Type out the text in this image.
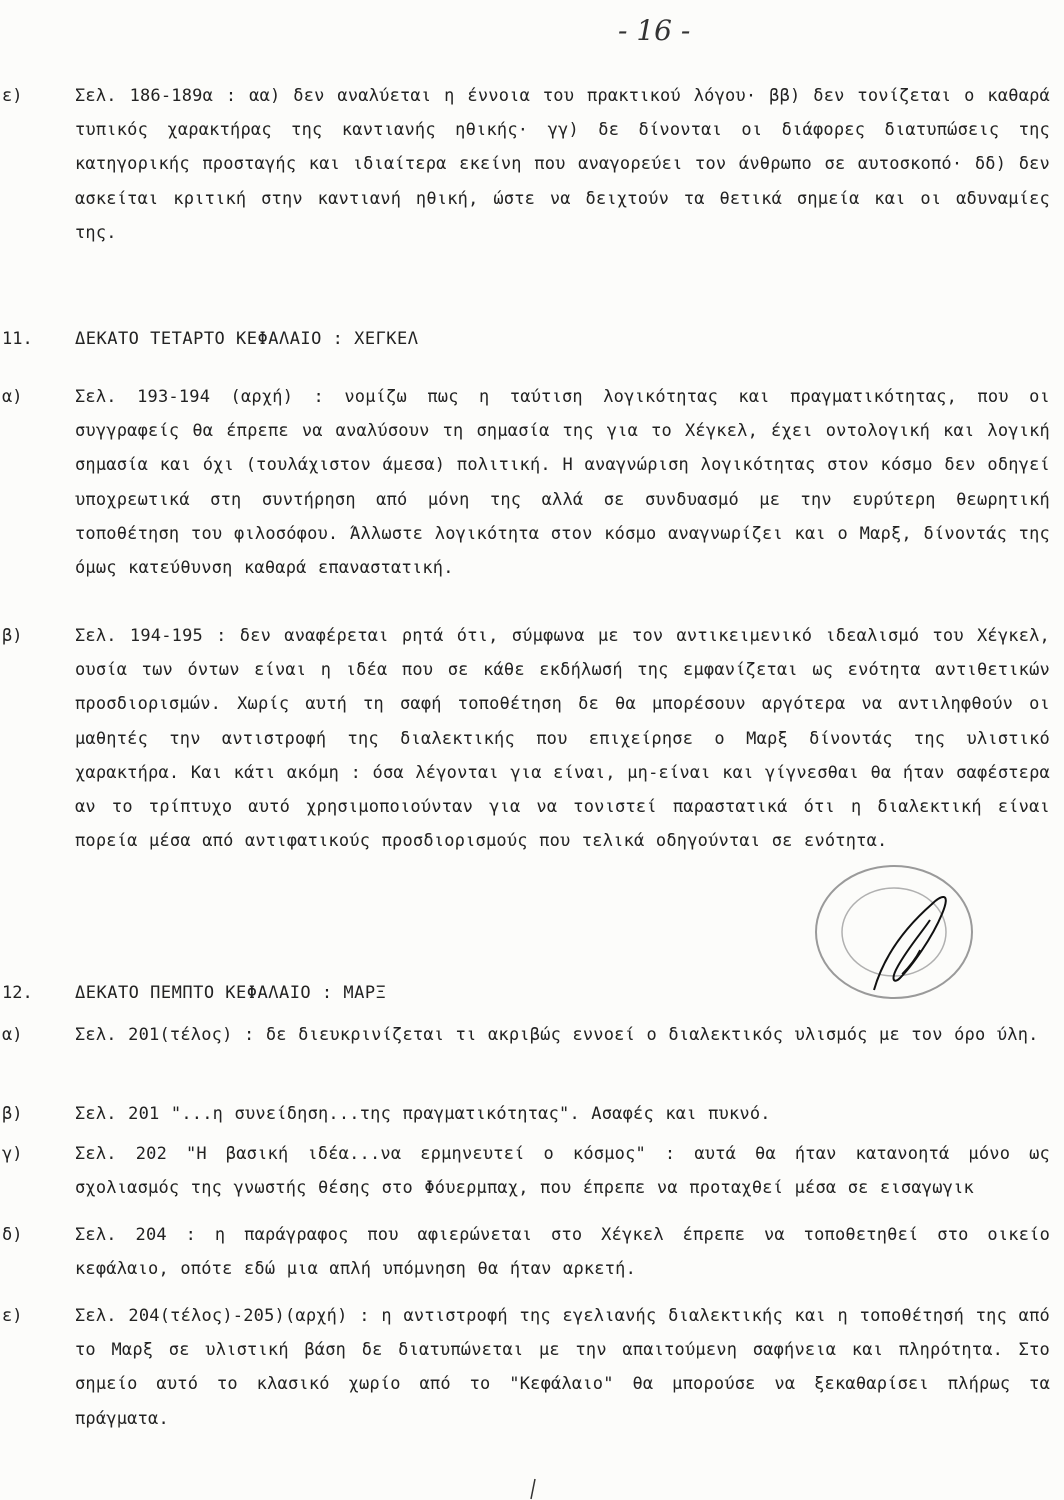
- 16 -
ε)	Σελ. 186-189α : αα) δεν αναλύεται η έννοια του πρακτικού λόγου· ββ) δεν τονίζεται ο καθαρά τυπικός χαρακτήρας της καντιανής ηθικής· γγ) δε δίνονται οι διάφορες διατυπώσεις της κατηγορικής προσταγής και ιδιαίτερα εκείνη που αναγορεύει τον άνθρωπο σε αυτοσκοπό· δδ) δεν ασκείται κριτική στην καντιανή ηθική, ώστε να δειχτούν τα θετικά σημεία και οι αδυναμίες της.
11. ΔΕΚΑΤΟ ΤΕΤΑΡΤΟ ΚΕΦΑΛΑΙΟ : ΧΕΓΚΕΛ
α)	Σελ. 193-194 (αρχή) : νομίζω πως η ταύτιση λογικότητας και πραγματικότητας, που οι συγγραφείς θα έπρεπε να αναλύσουν τη σημασία της για το Χέγκελ, έχει οντολογική και λογική σημασία και όχι (τουλάχιστον άμεσα) πολιτική. Η αναγνώριση λογικότητας στον κόσμο δεν οδηγεί υποχρεωτικά στη συντήρηση από μόνη της αλλά σε συνδυασμό με την ευρύτερη θεωρητική τοποθέτηση του φιλοσόφου. Άλλωστε λογικότητα στον κόσμο αναγνωρίζει και ο Μαρξ, δίνοντάς της όμως κατεύθυνση καθαρά επαναστατική.
β)	Σελ. 194-195 : δεν αναφέρεται ρητά ότι, σύμφωνα με τον αντικειμενικό ιδεαλισμό του Χέγκελ, ουσία των όντων είναι η ιδέα που σε κάθε εκδήλωσή της εμφανίζεται ως ενότητα αντιθετικών προσδιορισμών. Χωρίς αυτή τη σαφή τοποθέτηση δε θα μπορέσουν αργότερα να αντιληφθούν οι μαθητές την αντιστροφή της διαλεκτικής που επιχείρησε ο Μαρξ δίνοντάς της υλιστικό χαρακτήρα. Και κάτι ακόμη : όσα λέγονται για είναι, μη-είναι και γίγνεσθαι θα ήταν σαφέστερα αν το τρίπτυχο αυτό χρησιμοποιούνταν για να τονιστεί παραστατικά ότι η διαλεκτική είναι πορεία μέσα από αντιφατικούς προσδιορισμούς που τελικά οδηγούνται σε ενότητα.
12. ΔΕΚΑΤΟ ΠΕΜΠΤΟ ΚΕΦΑΛΑΙΟ : ΜΑΡΞ
α)	Σελ. 201(τέλος) : δε διευκρινίζεται τι ακριβώς εννοεί ο διαλεκτικός υλισμός με τον όρο ύλη.
β)	Σελ. 201 "...η συνείδηση...της πραγματικότητας". Ασαφές και πυκνό.
γ)	Σελ. 202 "Η βασική ιδέα...να ερμηνευτεί ο κόσμος" : αυτά θα ήταν κατανοητά μόνο ως σχολιασμός της γνωστής θέσης στο Φόυερμπαχ, που έπρεπε να προταχθεί μέσα σε εισαγωγικ
δ)	Σελ. 204 : η παράγραφος που αφιερώνεται στο Χέγκελ έπρεπε να τοποθετηθεί στο οικείο κεφάλαιο, οπότε εδώ μια απλή υπόμνηση θα ήταν αρκετή.
ε)	Σελ. 204(τέλος)-205)(αρχή) : η αντιστροφή της εγελιανής διαλεκτικής και η τοποθέτησή της από το Μαρξ σε υλιστική βάση δε διατυπώνεται με την απαιτούμενη σαφήνεια και πληρότητα. Στο σημείο αυτό το κλασικό χωρίο από το "Κεφάλαιο" θα μπορούσε να ξεκαθαρίσει πλήρως τα πράγματα.
